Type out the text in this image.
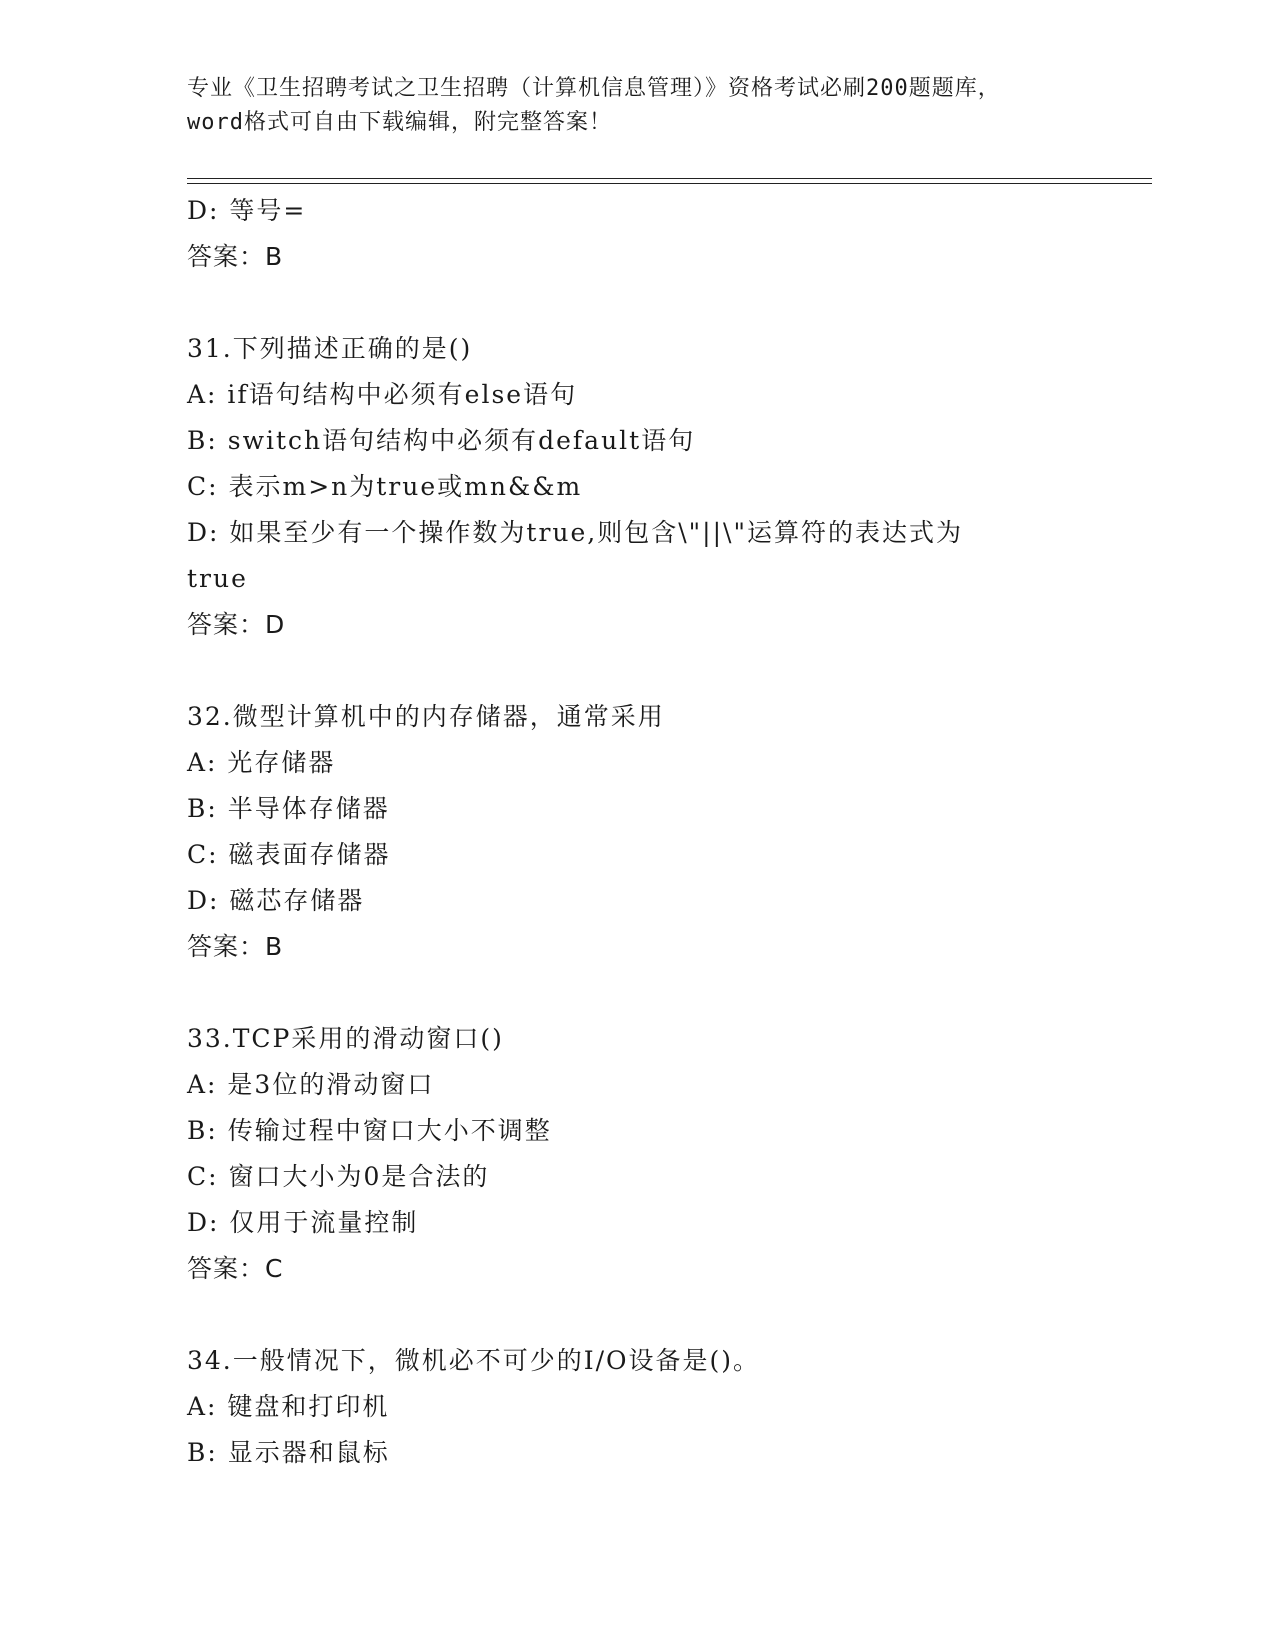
专业《卫生招聘考试之卫生招聘（计算机信息管理）》资格考试必刷200题题库，
word格式可自由下载编辑，附完整答案！
D: 等号=
答案：B
31.下列描述正确的是()
A: if语句结构中必须有else语句
B: switch语句结构中必须有default语句
C: 表示m>n为true或mn&&m
D: 如果至少有一个操作数为true,则包含\"||\"运算符的表达式为
true
答案：D
32.微型计算机中的内存储器，通常采用
A: 光存储器
B: 半导体存储器
C: 磁表面存储器
D: 磁芯存储器
答案：B
33.TCP采用的滑动窗口()
A: 是3位的滑动窗口
B: 传输过程中窗口大小不调整
C: 窗口大小为0是合法的
D: 仅用于流量控制
答案：C
34.一般情况下，微机必不可少的I/O设备是()。
A: 键盘和打印机
B: 显示器和鼠标
